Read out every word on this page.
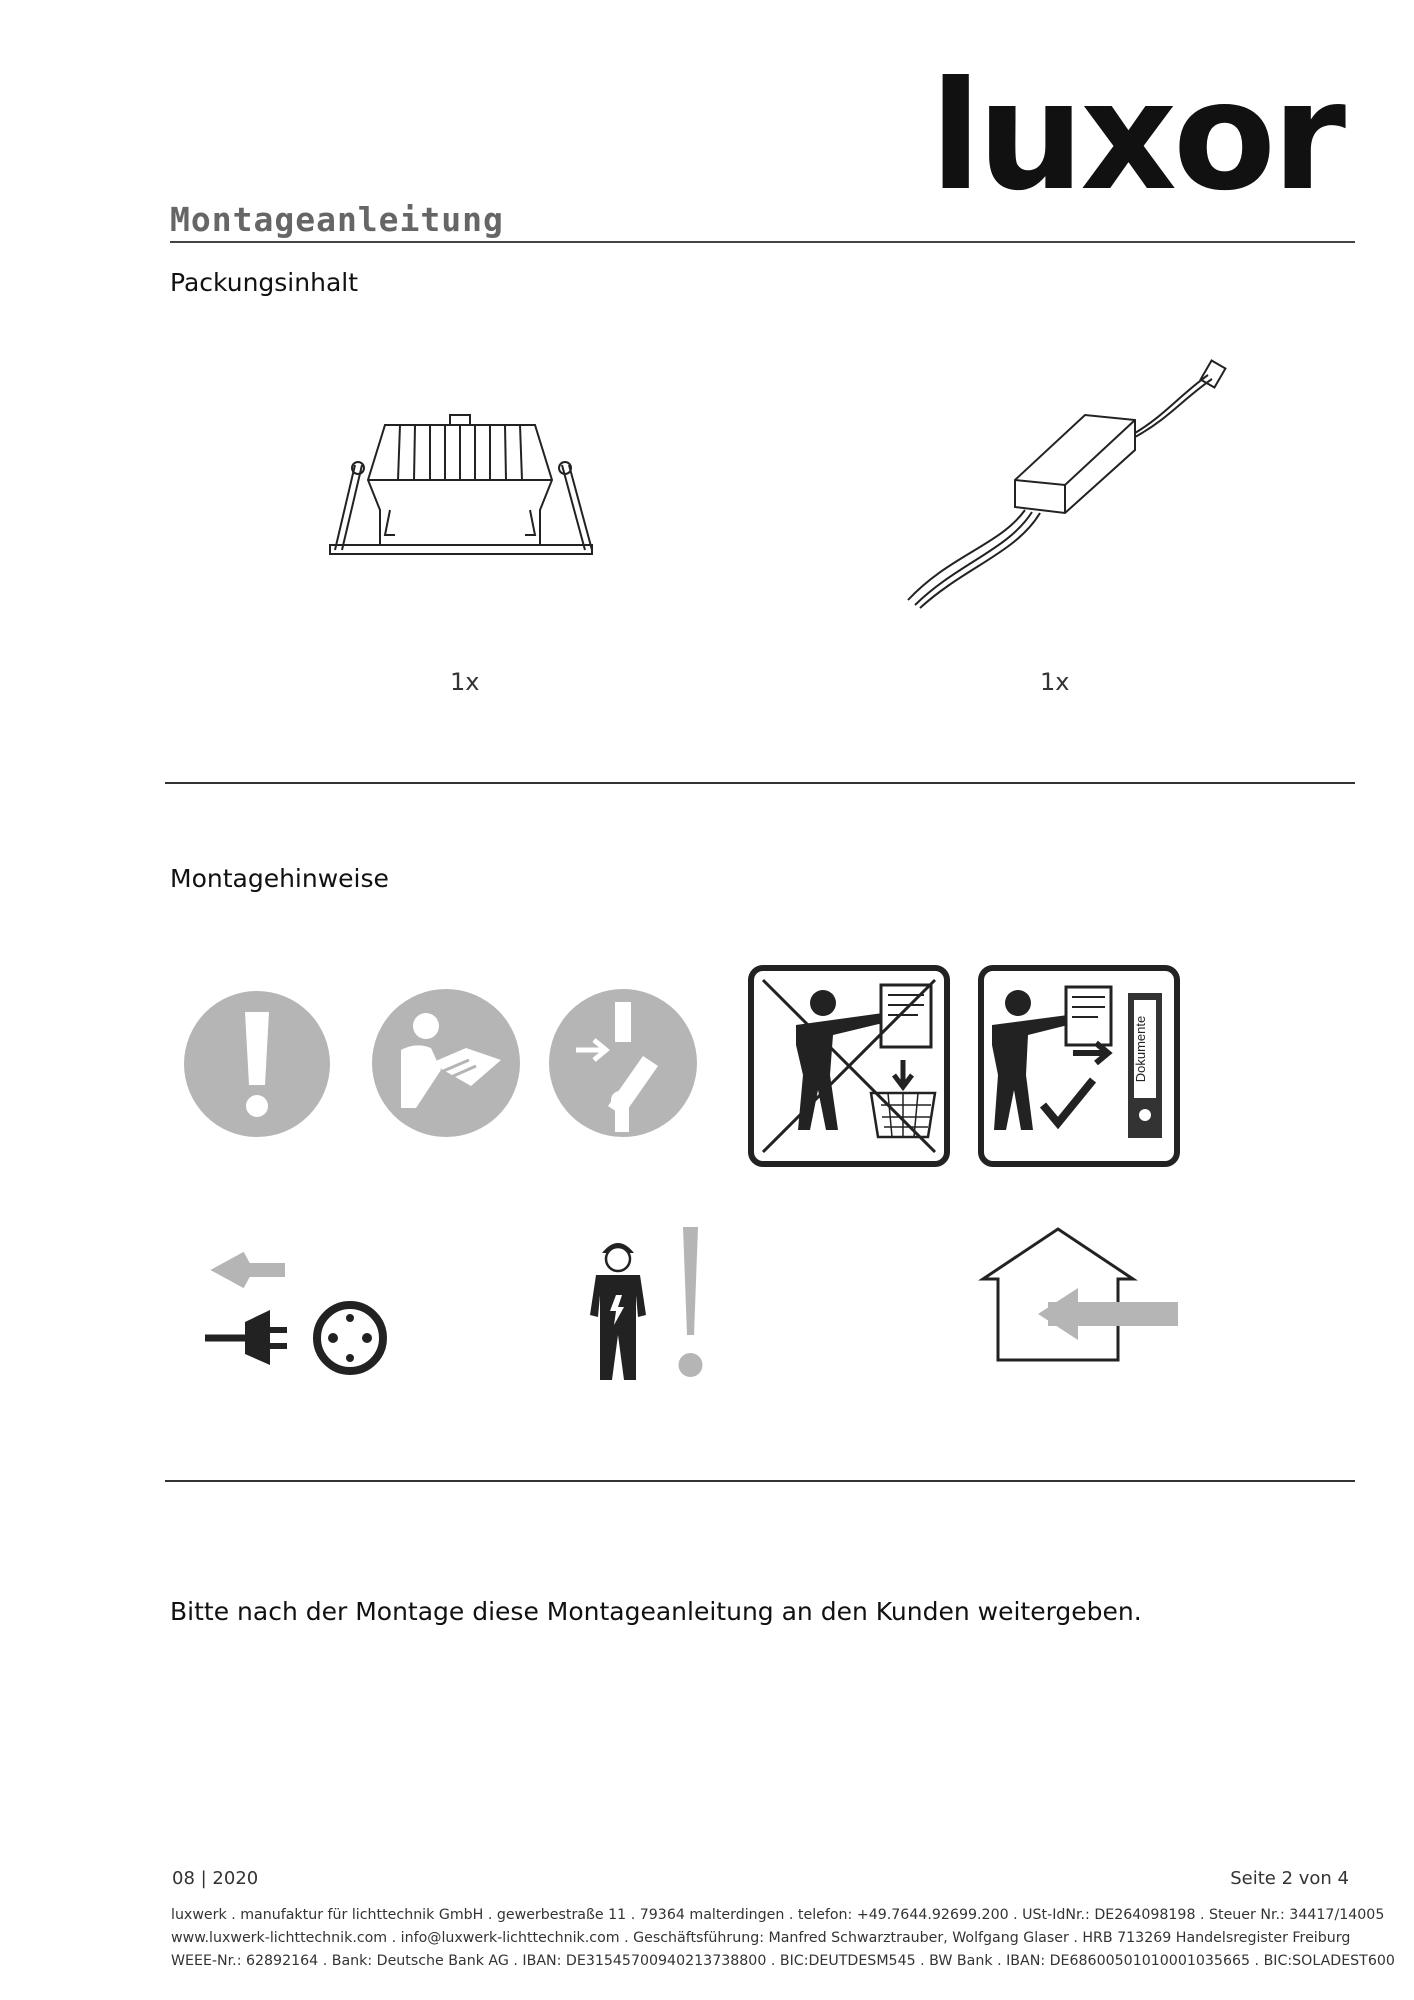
luxor
Montageanleitung
Packungsinhalt
1x	1x
Montagehinweise
Dokumente
Bitte nach der Montage diese Montageanleitung an den Kunden weitergeben.
08 | 2020	Seite 2 von 4
luxwerk . manufaktur für lichttechnik GmbH . gewerbestraße 11 . 79364 malterdingen . telefon: +49.7644.92699.200 . USt-IdNr.: DE264098198 . Steuer Nr.: 34417/14005
www.luxwerk-lichttechnik.com . info@luxwerk-lichttechnik.com . Geschäftsführung: Manfred Schwarztrauber, Wolfgang Glaser . HRB 713269 Handelsregister Freiburg
WEEE-Nr.: 62892164 . Bank: Deutsche Bank AG . IBAN: DE31545700940213738800 . BIC:DEUTDESM545 . BW Bank . IBAN: DE68600501010001035665 . BIC:SOLADEST600
